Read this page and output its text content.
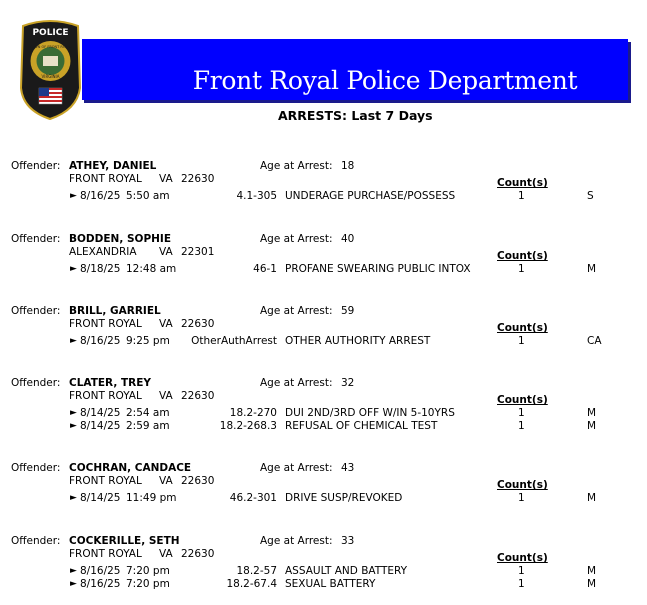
POLICE
TOWN OF FRONT ROYAL
VIRGINIA	Front Royal Police Department
ARRESTS: Last 7 Days
Offender: ATHEY, DANIEL	Age at Arrest: 18
FRONT ROYAL VA 22630	Count(s)
► 8/16/25 5:50 am	4.1-305 UNDERAGE PURCHASE/POSSESS	1	S
Offender: BODDEN, SOPHIE	Age at Arrest: 40
ALEXANDRIA VA 22301	Count(s)
► 8/18/25 12:48 am	46-1 PROFANE SWEARING PUBLIC INTOX	1	M
Offender: BRILL, GARRIEL	Age at Arrest: 59
FRONT ROYAL VA 22630	Count(s)
► 8/16/25 9:25 pm OtherAuthArrest OTHER AUTHORITY ARREST	1	CA
Offender: CLATER, TREY	Age at Arrest: 32
FRONT ROYAL VA 22630	Count(s)
► 8/14/25 2:54 am	18.2-270 DUI 2ND/3RD OFF W/IN 5-10YRS	1	M
► 8/14/25 2:59 am	18.2-268.3 REFUSAL OF CHEMICAL TEST	1	M
Offender: COCHRAN, CANDACE	Age at Arrest: 43
FRONT ROYAL VA 22630	Count(s)
► 8/14/25 11:49 pm	46.2-301 DRIVE SUSP/REVOKED	1	M
Offender: COCKERILLE, SETH	Age at Arrest: 33
FRONT ROYAL VA 22630	Count(s)
► 8/16/25 7:20 pm	18.2-57 ASSAULT AND BATTERY	1	M
► 8/16/25 7:20 pm	18.2-67.4 SEXUAL BATTERY	1	M
